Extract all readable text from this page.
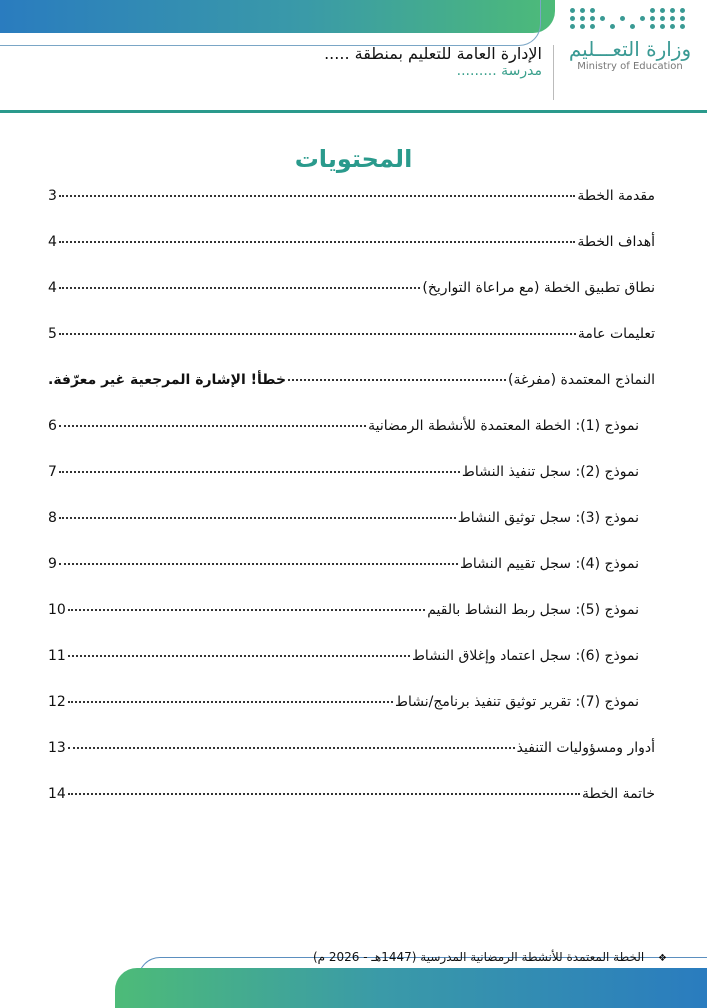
وزارة التعـــليم
Ministry of Education
الإدارة العامة للتعليم بمنطقة .....
مدرسة .........
المحتويات
مقدمة الخطة
3
أهداف الخطة
4
نطاق تطبيق الخطة (مع مراعاة التواريخ)
4
تعليمات عامة
5
النماذج المعتمدة (مفرغة)
خطأ! الإشارة المرجعية غير معرّفة.
نموذج (1): الخطة المعتمدة للأنشطة الرمضانية
6
نموذج (2): سجل تنفيذ النشاط
7
نموذج (3): سجل توثيق النشاط
8
نموذج (4): سجل تقييم النشاط
9
نموذج (5): سجل ربط النشاط بالقيم
10
نموذج (6): سجل اعتماد وإغلاق النشاط
11
نموذج (7): تقرير توثيق تنفيذ برنامج/نشاط
12
أدوار ومسؤوليات التنفيذ
13
خاتمة الخطة
14
❖ الخطة المعتمدة للأنشطة الرمضانية المدرسية (1447هـ - 2026 م)
